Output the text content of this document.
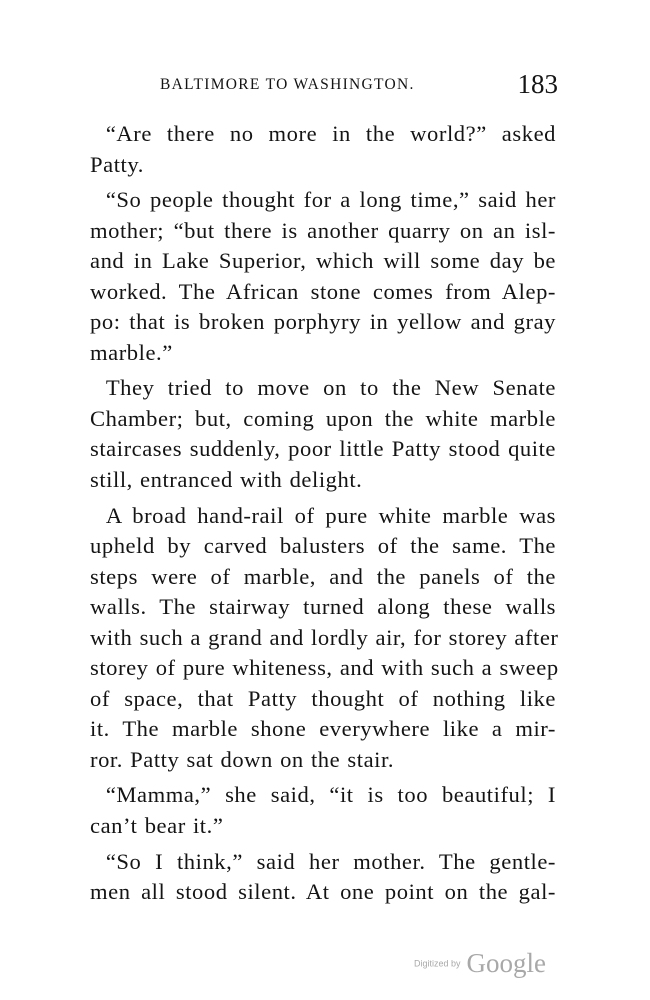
BALTIMORE TO WASHINGTON.	183
“Are there no more in the world?” asked
Patty.
“So people thought for a long time,” said her
mother; “but there is another quarry on an isl-
and in Lake Superior, which will some day be
worked. The African stone comes from Alep-
po: that is broken porphyry in yellow and gray
marble.”
They tried to move on to the New Senate
Chamber; but, coming upon the white marble
staircases suddenly, poor little Patty stood quite
still, entranced with delight.
A broad hand-rail of pure white marble was
upheld by carved balusters of the same. The
steps were of marble, and the panels of the
walls. The stairway turned along these walls
with such a grand and lordly air, for storey after
storey of pure whiteness, and with such a sweep
of space, that Patty thought of nothing like
it. The marble shone everywhere like a mir-
ror. Patty sat down on the stair.
“Mamma,” she said, “it is too beautiful; I
can’t bear it.”
“So I think,” said her mother. The gentle-
men all stood silent. At one point on the gal-
Digitized by Google
